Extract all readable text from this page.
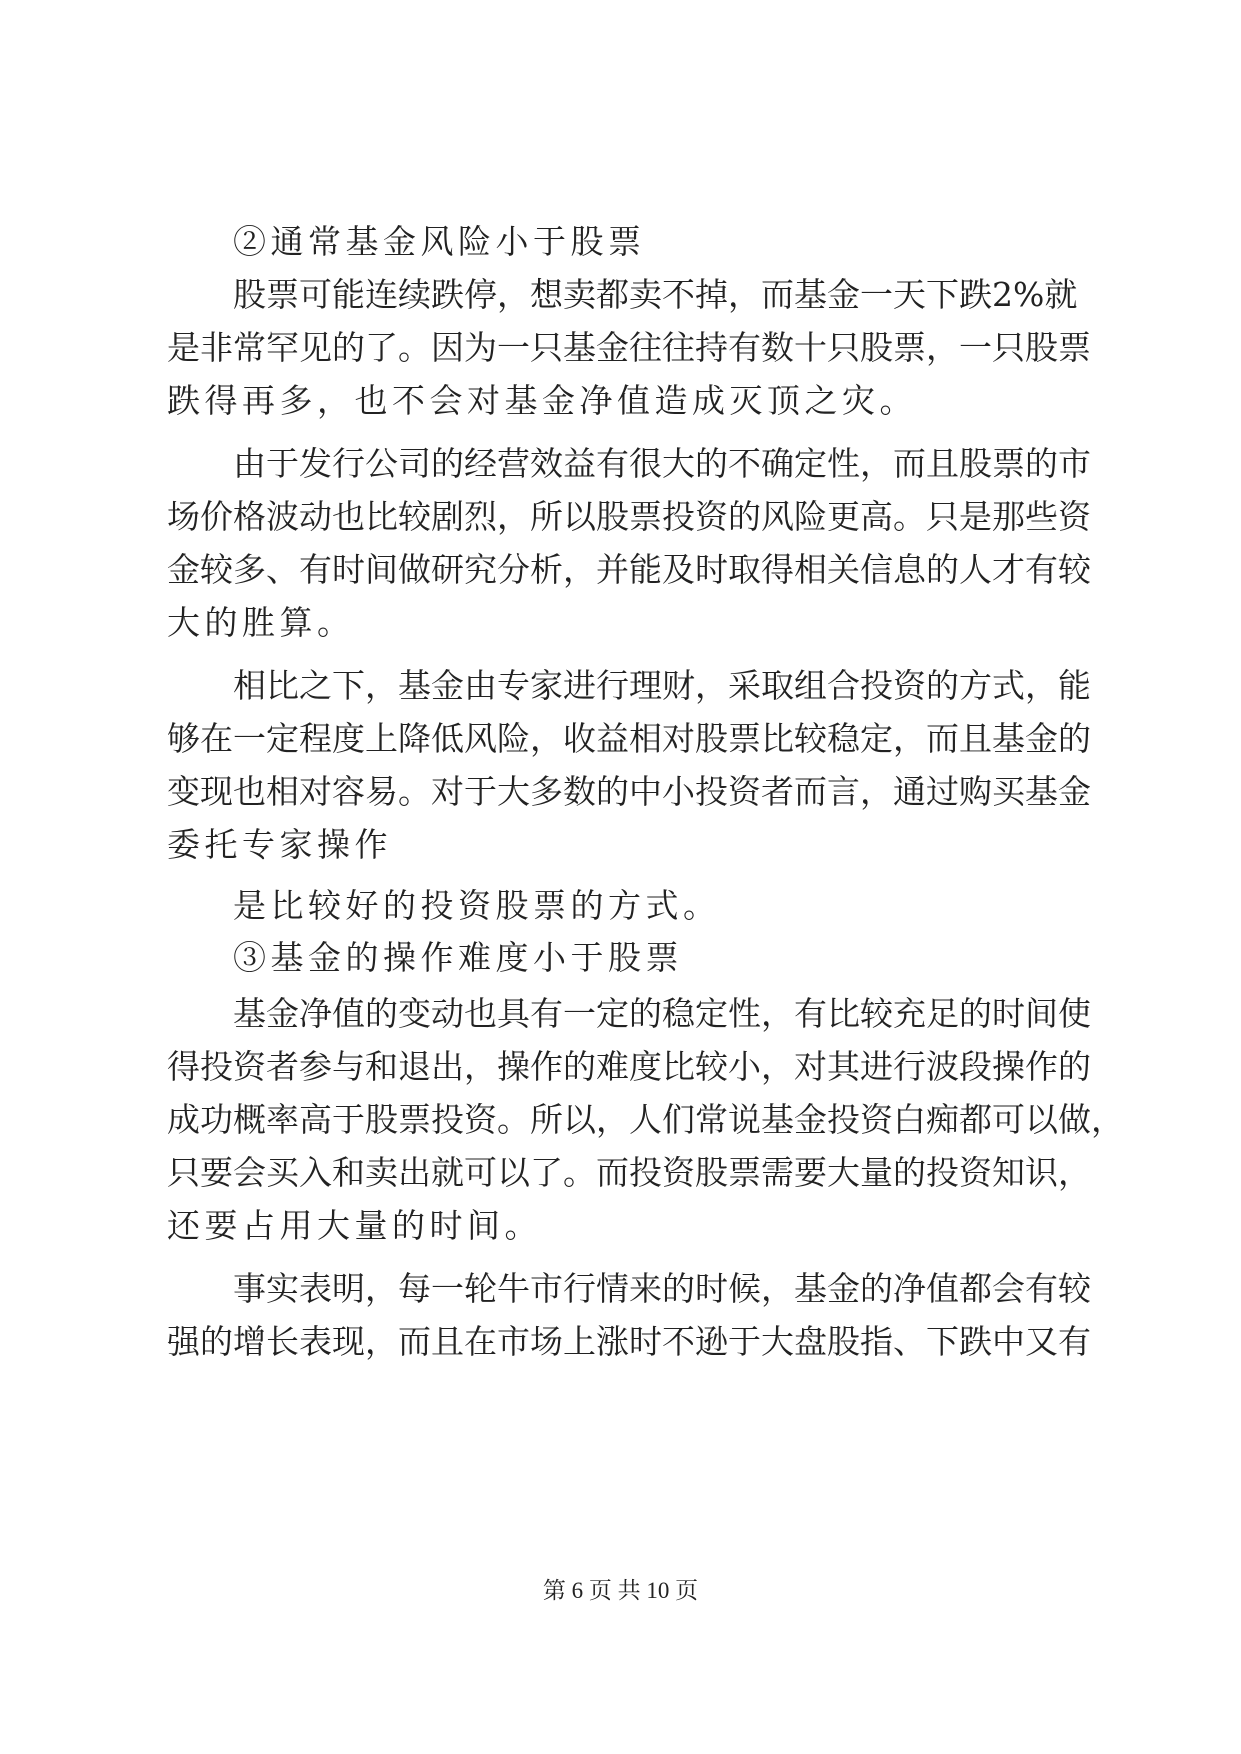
②通常基金风险小于股票
股票可能连续跌停，想卖都卖不掉，而基金一天下跌2%就
是非常罕见的了。因为一只基金往往持有数十只股票，一只股票
跌得再多，也不会对基金净值造成灭顶之灾。
由于发行公司的经营效益有很大的不确定性，而且股票的市
场价格波动也比较剧烈，所以股票投资的风险更高。只是那些资
金较多、有时间做研究分析，并能及时取得相关信息的人才有较
大的胜算。
相比之下，基金由专家进行理财，采取组合投资的方式，能
够在一定程度上降低风险，收益相对股票比较稳定，而且基金的
变现也相对容易。对于大多数的中小投资者而言，通过购买基金
委托专家操作
是比较好的投资股票的方式。
③基金的操作难度小于股票
基金净值的变动也具有一定的稳定性，有比较充足的时间使
得投资者参与和退出，操作的难度比较小，对其进行波段操作的
成功概率高于股票投资。所以，人们常说基金投资白痴都可以做，
只要会买入和卖出就可以了。而投资股票需要大量的投资知识，
还要占用大量的时间。
事实表明，每一轮牛市行情来的时候，基金的净值都会有较
强的增长表现，而且在市场上涨时不逊于大盘股指、下跌中又有
第 6 页 共 10 页
